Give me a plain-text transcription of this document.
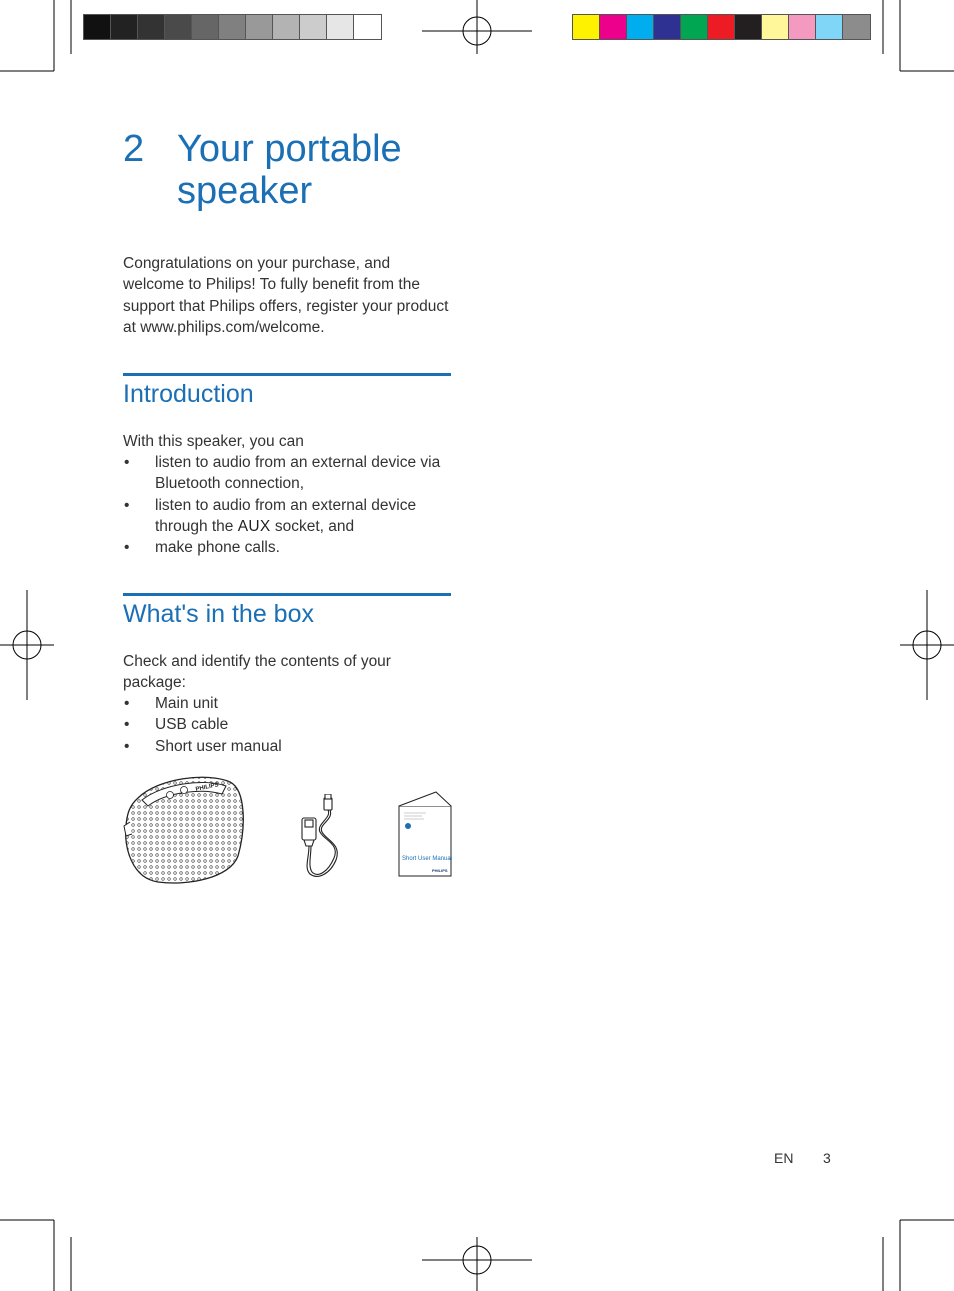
2 Your portable
speaker
Congratulations on your purchase, and
welcome to Philips! To fully benefit from the
support that Philips offers, register your product
at www.philips.com/welcome.
Introduction
With this speaker, you can
• listen to audio from an external device via
Bluetooth connection,
• listen to audio from an external device
through the AUX socket, and
• make phone calls.
What's in the box
Check and identify the contents of your
package:
• Main unit
• USB cable
• Short user manual
PHILIPS
Short User Manual
PHILIPS
EN 3
